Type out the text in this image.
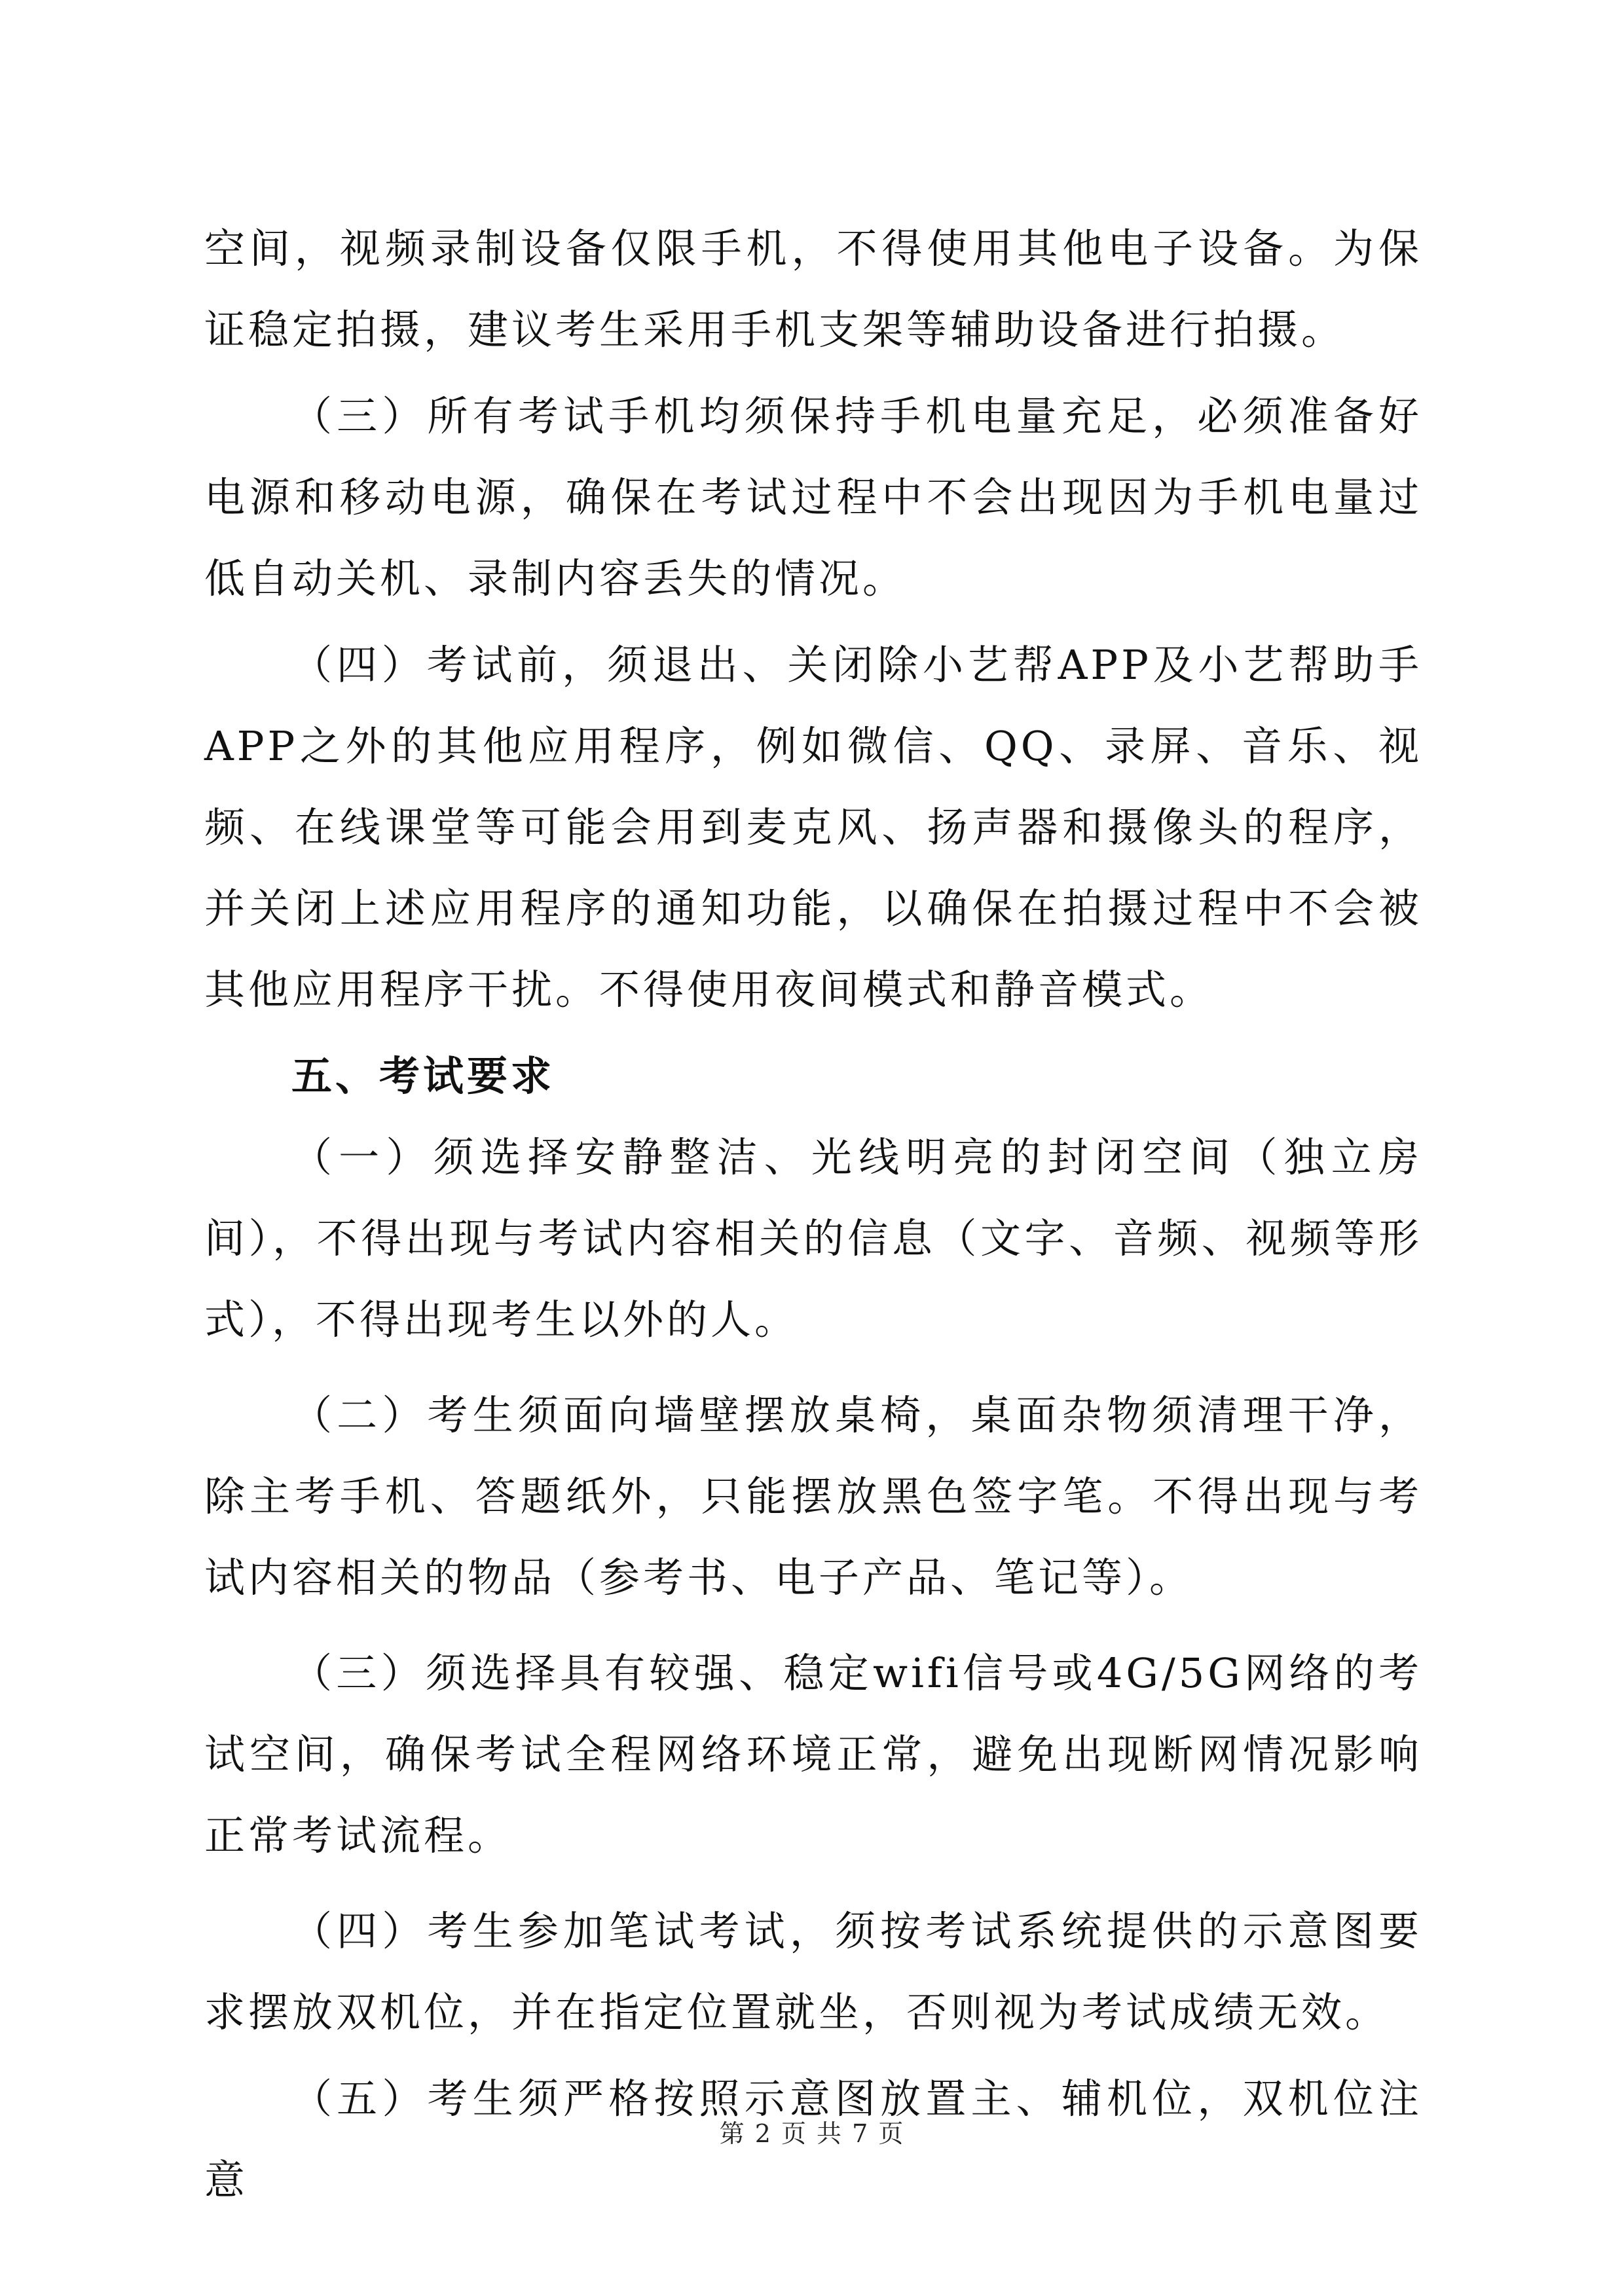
空间，视频录制设备仅限手机，不得使用其他电子设备。为保证稳定拍摄，建议考生采用手机支架等辅助设备进行拍摄。

（三）所有考试手机均须保持手机电量充足，必须准备好电源和移动电源，确保在考试过程中不会出现因为手机电量过低自动关机、录制内容丢失的情况。

（四）考试前，须退出、关闭除小艺帮APP及小艺帮助手APP之外的其他应用程序，例如微信、QQ、录屏、音乐、视频、在线课堂等可能会用到麦克风、扬声器和摄像头的程序，并关闭上述应用程序的通知功能，以确保在拍摄过程中不会被其他应用程序干扰。不得使用夜间模式和静音模式。

五、考试要求

（一）须选择安静整洁、光线明亮的封闭空间（独立房间），不得出现与考试内容相关的信息（文字、音频、视频等形式），不得出现考生以外的人。

（二）考生须面向墙壁摆放桌椅，桌面杂物须清理干净，除主考手机、答题纸外，只能摆放黑色签字笔。不得出现与考试内容相关的物品（参考书、电子产品、笔记等）。

（三）须选择具有较强、稳定wifi信号或4G/5G网络的考试空间，确保考试全程网络环境正常，避免出现断网情况影响正常考试流程。

（四）考生参加笔试考试，须按考试系统提供的示意图要求摆放双机位，并在指定位置就坐，否则视为考试成绩无效。

（五）考生须严格按照示意图放置主、辅机位，双机位注意

第 2 页 共 7 页
